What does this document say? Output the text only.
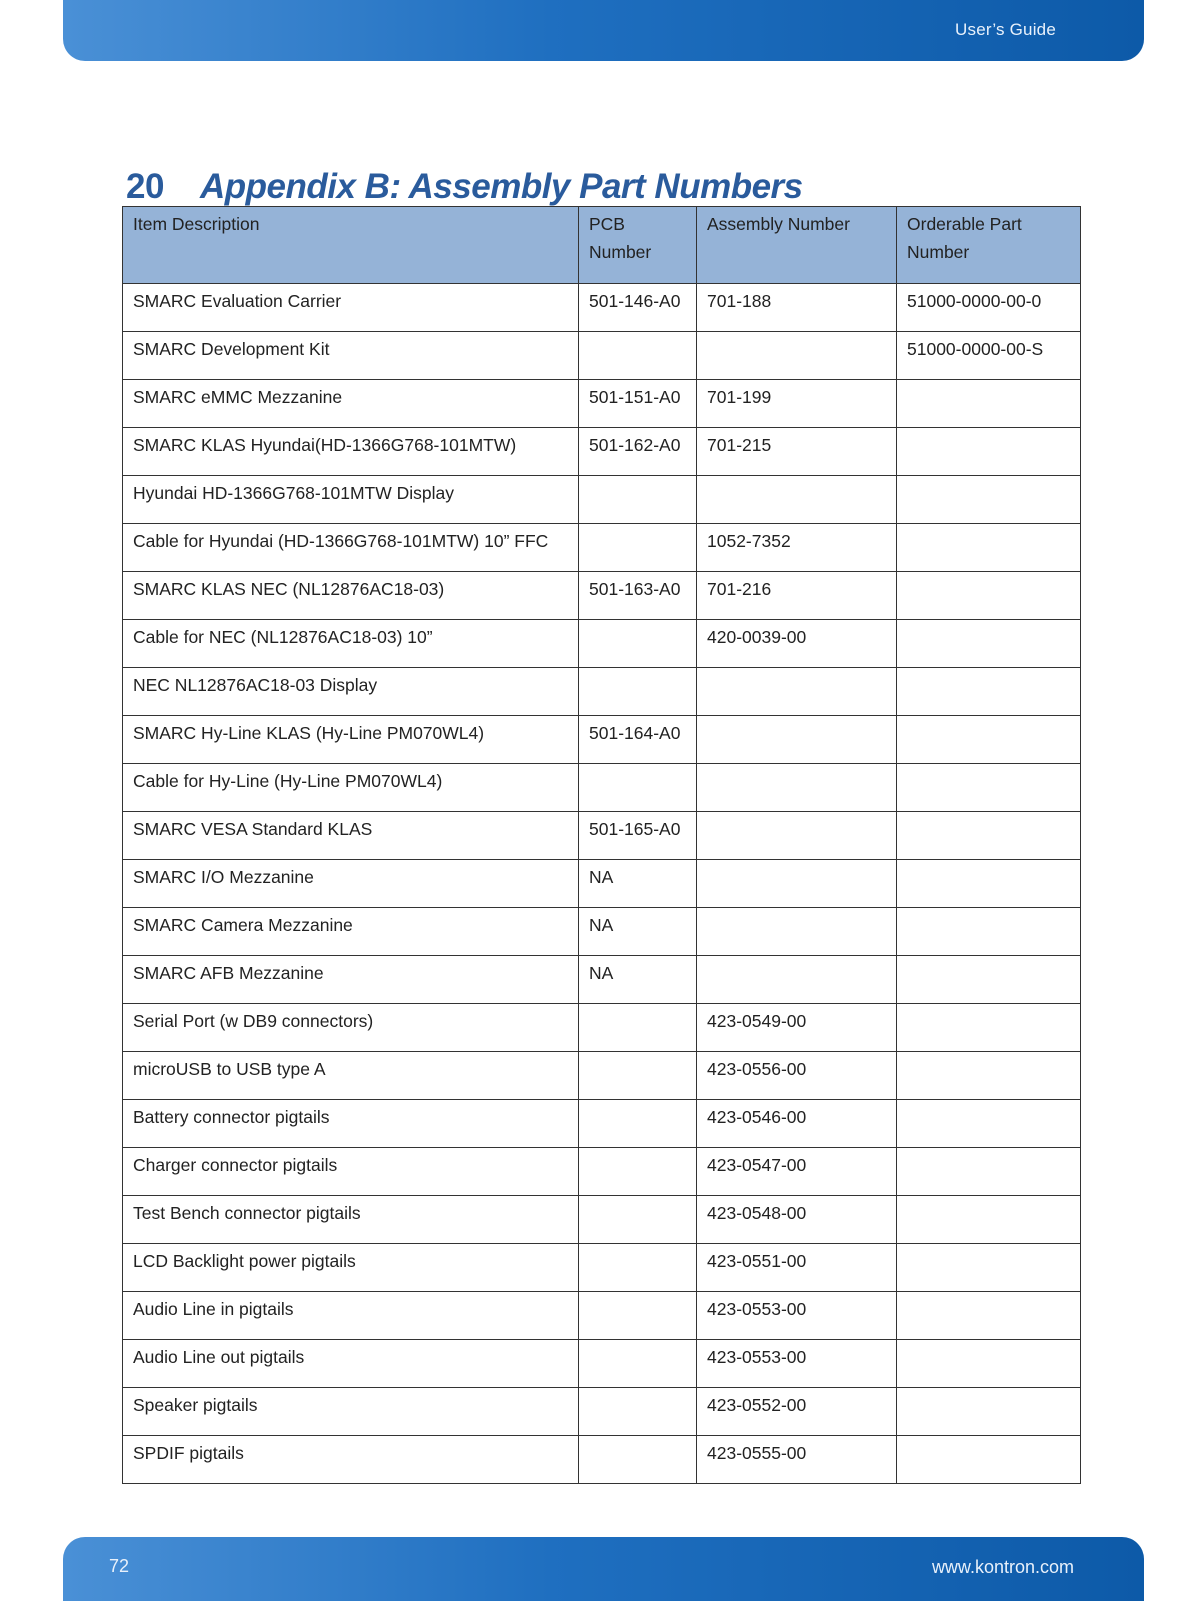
User’s Guide
20 Appendix B: Assembly Part Numbers
Item Description	PCB Number	Assembly Number	Orderable Part Number
SMARC Evaluation Carrier	501-146-A0	701-188	51000-0000-00-0
SMARC Development Kit			51000-0000-00-S
SMARC eMMC Mezzanine	501-151-A0	701-199	
SMARC KLAS Hyundai(HD-1366G768-101MTW)	501-162-A0	701-215	
Hyundai HD-1366G768-101MTW Display			
Cable for Hyundai (HD-1366G768-101MTW) 10” FFC		1052-7352	
SMARC KLAS NEC (NL12876AC18-03)	501-163-A0	701-216	
Cable for NEC (NL12876AC18-03) 10”		420-0039-00	
NEC NL12876AC18-03 Display			
SMARC Hy-Line KLAS (Hy-Line PM070WL4)	501-164-A0		
Cable for Hy-Line (Hy-Line PM070WL4)			
SMARC VESA Standard KLAS	501-165-A0		
SMARC I/O Mezzanine	NA		
SMARC Camera Mezzanine	NA		
SMARC AFB Mezzanine	NA		
Serial Port (w DB9 connectors)		423-0549-00	
microUSB to USB type A		423-0556-00	
Battery connector pigtails		423-0546-00	
Charger connector pigtails		423-0547-00	
Test Bench connector pigtails		423-0548-00	
LCD Backlight power pigtails		423-0551-00	
Audio Line in pigtails		423-0553-00	
Audio Line out pigtails		423-0553-00	
Speaker pigtails		423-0552-00	
SPDIF pigtails		423-0555-00	
72	www.kontron.com
